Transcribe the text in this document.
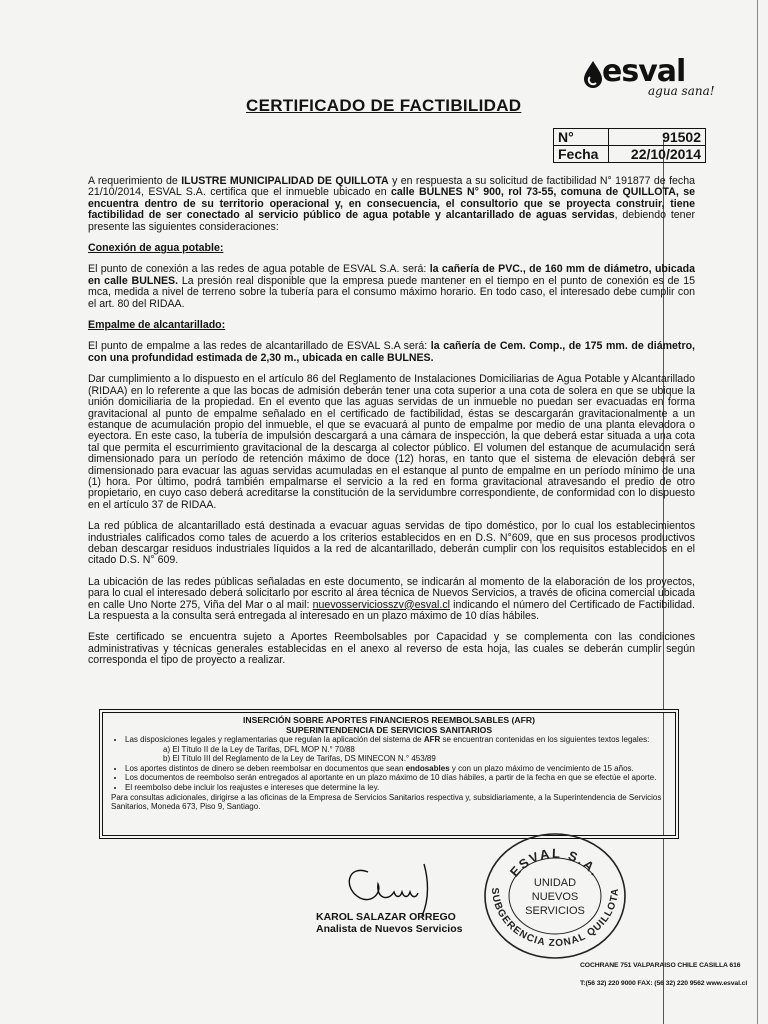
esval
agua sana!
CERTIFICADO DE FACTIBILIDAD
N°	91502
Fecha	22/10/2014

A requerimiento de ILUSTRE MUNICIPALIDAD DE QUILLOTA y en respuesta a su solicitud de factibilidad N° 191877 de fecha 21/10/2014, ESVAL S.A. certifica que el inmueble ubicado en calle BULNES N° 900, rol 73-55, comuna de QUILLOTA, se encuentra dentro de su territorio operacional y, en consecuencia, el consultorio que se proyecta construir, tiene factibilidad de ser conectado al servicio público de agua potable y alcantarillado de aguas servidas, debiendo tener presente las siguientes consideraciones:

Conexión de agua potable:

El punto de conexión a las redes de agua potable de ESVAL S.A. será: la cañería de PVC., de 160 mm de diámetro, ubicada en calle BULNES. La presión real disponible que la empresa puede mantener en el tiempo en el punto de conexión es de 15 mca, medida a nivel de terreno sobre la tubería para el consumo máximo horario. En todo caso, el interesado debe cumplir con el art. 80 del RIDAA.

Empalme de alcantarillado:

El punto de empalme a las redes de alcantarillado de ESVAL S.A será: la cañería de Cem. Comp., de 175 mm. de diámetro, con una profundidad estimada de 2,30 m., ubicada en calle BULNES.

Dar cumplimiento a lo dispuesto en el artículo 86 del Reglamento de Instalaciones Domiciliarias de Agua Potable y Alcantarillado (RIDAA) en lo referente a que las bocas de admisión deberán tener una cota superior a una cota de solera en que se ubique la unión domiciliaria de la propiedad. En el evento que las aguas servidas de un inmueble no puedan ser evacuadas en forma gravitacional al punto de empalme señalado en el certificado de factibilidad, éstas se descargarán gravitacionalmente a un estanque de acumulación propio del inmueble, el que se evacuará al punto de empalme por medio de una planta elevadora o eyectora. En este caso, la tubería de impulsión descargará a una cámara de inspección, la que deberá estar situada a una cota tal que permita el escurrimiento gravitacional de la descarga al colector público. El volumen del estanque de acumulación será dimensionado para un período de retención máximo de doce (12) horas, en tanto que el sistema de elevación deberá ser dimensionado para evacuar las aguas servidas acumuladas en el estanque al punto de empalme en un período mínimo de una (1) hora. Por último, podrá también empalmarse el servicio a la red en forma gravitacional atravesando el predio de otro propietario, en cuyo caso deberá acreditarse la constitución de la servidumbre correspondiente, de conformidad con lo dispuesto en el artículo 37 de RIDAA.

La red pública de alcantarillado está destinada a evacuar aguas servidas de tipo doméstico, por lo cual los establecimientos industriales calificados como tales de acuerdo a los criterios establecidos en en D.S. N°609, que en sus procesos productivos deban descargar residuos industriales líquidos a la red de alcantarillado, deberán cumplir con los requisitos establecidos en el citado D.S. N° 609.

La ubicación de las redes públicas señaladas en este documento, se indicarán al momento de la elaboración de los proyectos, para lo cual el interesado deberá solicitarlo por escrito al área técnica de Nuevos Servicios, a través de oficina comercial ubicada en calle Uno Norte 275, Viña del Mar o al mail: nuevosserviciosszv@esval.cl indicando el número del Certificado de Factibilidad. La respuesta a la consulta será entregada al interesado en un plazo máximo de 10 días hábiles.

Este certificado se encuentra sujeto a Aportes Reembolsables por Capacidad y se complementa con las condiciones administrativas y técnicas generales establecidas en el anexo al reverso de esta hoja, las cuales se deberán cumplir según corresponda el tipo de proyecto a realizar.

INSERCIÓN SOBRE APORTES FINANCIEROS REEMBOLSABLES (AFR)
SUPERINTENDENCIA DE SERVICIOS SANITARIOS
• Las disposiciones legales y reglamentarias que regulan la aplicación del sistema de AFR se encuentran contenidas en los siguientes textos legales:
a) El Título II de la Ley de Tarifas, DFL MOP N.° 70/88
b) El Título III del Reglamento de la Ley de Tarifas, DS MINECON N.° 453/89
• Los aportes distintos de dinero se deben reembolsar en documentos que sean endosables y con un plazo máximo de vencimiento de 15 años.
• Los documentos de reembolso serán entregados al aportante en un plazo máximo de 10 días hábiles, a partir de la fecha en que se efectúe el aporte.
• El reembolso debe incluir los reajustes e intereses que determine la ley.

Para consultas adicionales, dirigirse a las oficinas de la Empresa de Servicios Sanitarios respectiva y, subsidiariamente, a la Superintendencia de Servicios Sanitarios, Moneda 673, Piso 9, Santiago.

KAROL SALAZAR ORREGO
Analista de Nuevos Servicios
ESVAL S.A.
UNIDAD
NUEVOS
SERVICIOS
SUBGERENCIA ZONAL QUILLOTA
COCHRANE 751 VALPARAISO CHILE CASILLA 616
T:(56 32) 220 9000 FAX: (56 32) 220 9562 www.esval.cl
